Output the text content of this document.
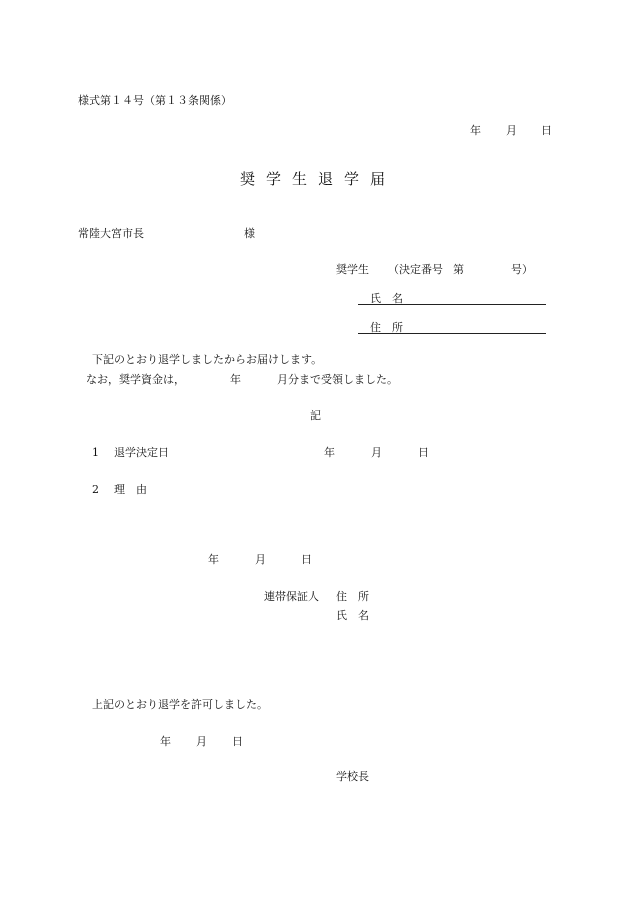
様式第１４号（第１３条関係）
年 月 日
奨学生退学届
常陸大宮市長	様
奨学生 （決定番号 第	号）
氏　名
住　所
下記のとおり退学しましたからお届けします。
なお，奨学資金は，	年	月分まで受領しました。
記
1 退学決定日	年	月	日
2 理　由
年	月	日
連帯保証人 住　所
氏　名
上記のとおり退学を許可しました。
年 月 日
学校長
